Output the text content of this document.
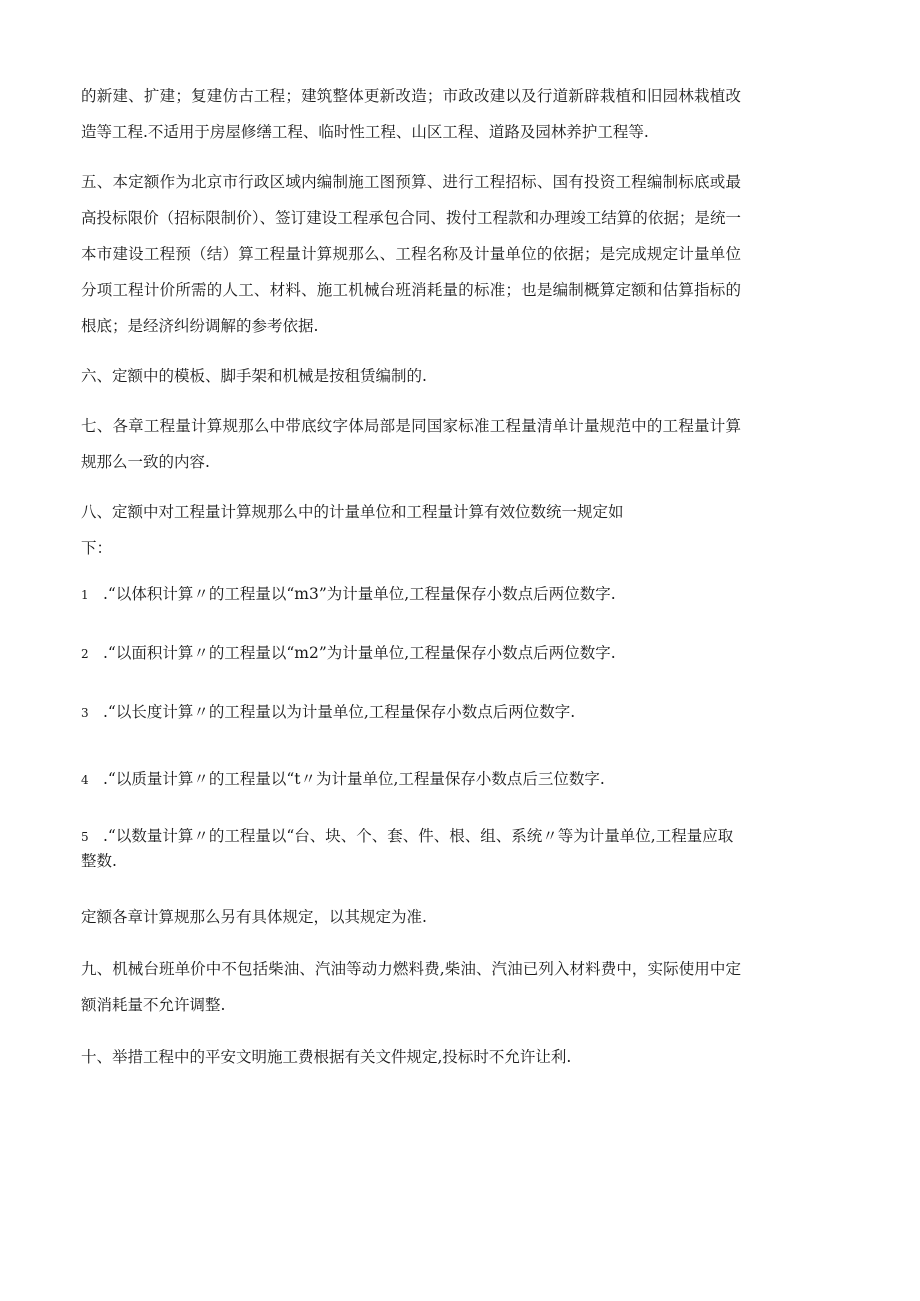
的新建、扩建；复建仿古工程；建筑整体更新改造；市政改建以及行道新辟栽植和旧园林栽植改造等工程.不适用于房屋修缮工程、临时性工程、山区工程、道路及园林养护工程等.

五、本定额作为北京市行政区域内编制施工图预算、进行工程招标、国有投资工程编制标底或最高投标限价（招标限制价）、签订建设工程承包合同、拨付工程款和办理竣工结算的依据；是统一本市建设工程预（结）算工程量计算规那么、工程名称及计量单位的依据；是完成规定计量单位分项工程计价所需的人工、材料、施工机械台班消耗量的标准；也是编制概算定额和估算指标的根底；是经济纠纷调解的参考依据.

六、定额中的模板、脚手架和机械是按租赁编制的.

七、各章工程量计算规那么中带底纹字体局部是同国家标准工程量清单计量规范中的工程量计算规那么一致的内容.

八、定额中对工程量计算规那么中的计量单位和工程量计算有效位数统一规定如

下：

1 .“以体积计算〃的工程量以“m3”为计量单位,工程量保存小数点后两位数字.

2 .“以面积计算〃的工程量以“m2”为计量单位,工程量保存小数点后两位数字.

3 .“以长度计算〃的工程量以为计量单位,工程量保存小数点后两位数字.

4 .“以质量计算〃的工程量以“t〃为计量单位,工程量保存小数点后三位数字.

5 .“以数量计算〃的工程量以“台、块、个、套、件、根、组、系统〃等为计量单位,工程量应取整数.

定额各章计算规那么另有具体规定，以其规定为准.

九、机械台班单价中不包括柴油、汽油等动力燃料费,柴油、汽油已列入材料费中，实际使用中定额消耗量不允许调整.

十、举措工程中的平安文明施工费根据有关文件规定,投标时不允许让利.
